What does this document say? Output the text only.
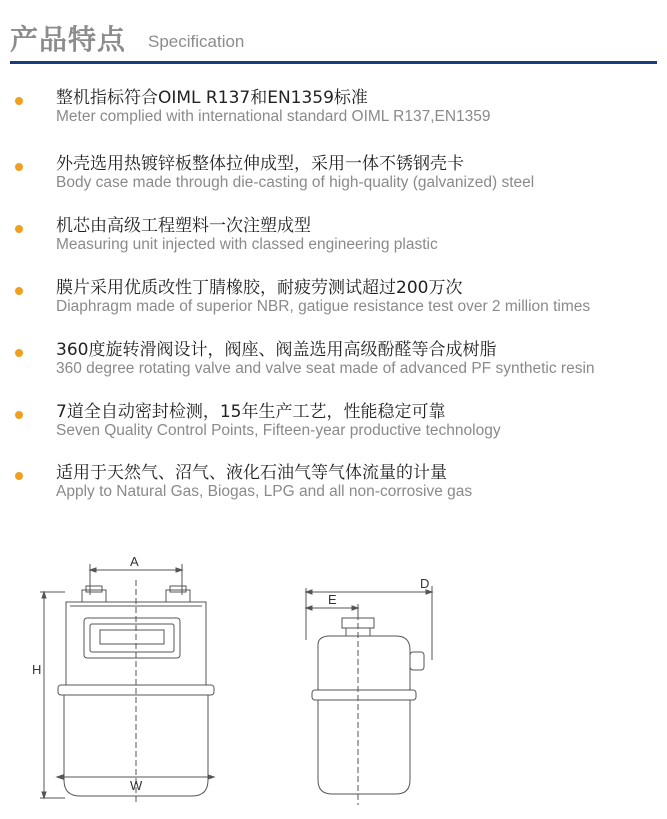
产品特点 Specification
整机指标符合OIML R137和EN1359标准
Meter complied with international standard OIML R137,EN1359
外壳选用热镀锌板整体拉伸成型，采用一体不锈钢壳卡
Body case made through die-casting of high-quality (galvanized) steel
机芯由高级工程塑料一次注塑成型
Measuring unit injected with classed engineering plastic
膜片采用优质改性丁腈橡胶，耐疲劳测试超过200万次
Diaphragm made of superior NBR, gatigue resistance test over 2 million times
360度旋转滑阀设计，阀座、阀盖选用高级酚醛等合成树脂
360 degree rotating valve and valve seat made of advanced PF synthetic resin
7道全自动密封检测，15年生产工艺，性能稳定可靠
Seven Quality Control Points, Fifteen-year productive technology
适用于天然气、沼气、液化石油气等气体流量的计量
Apply to Natural Gas, Biogas, LPG and all non-corrosive gas
A
H
W
D
E
